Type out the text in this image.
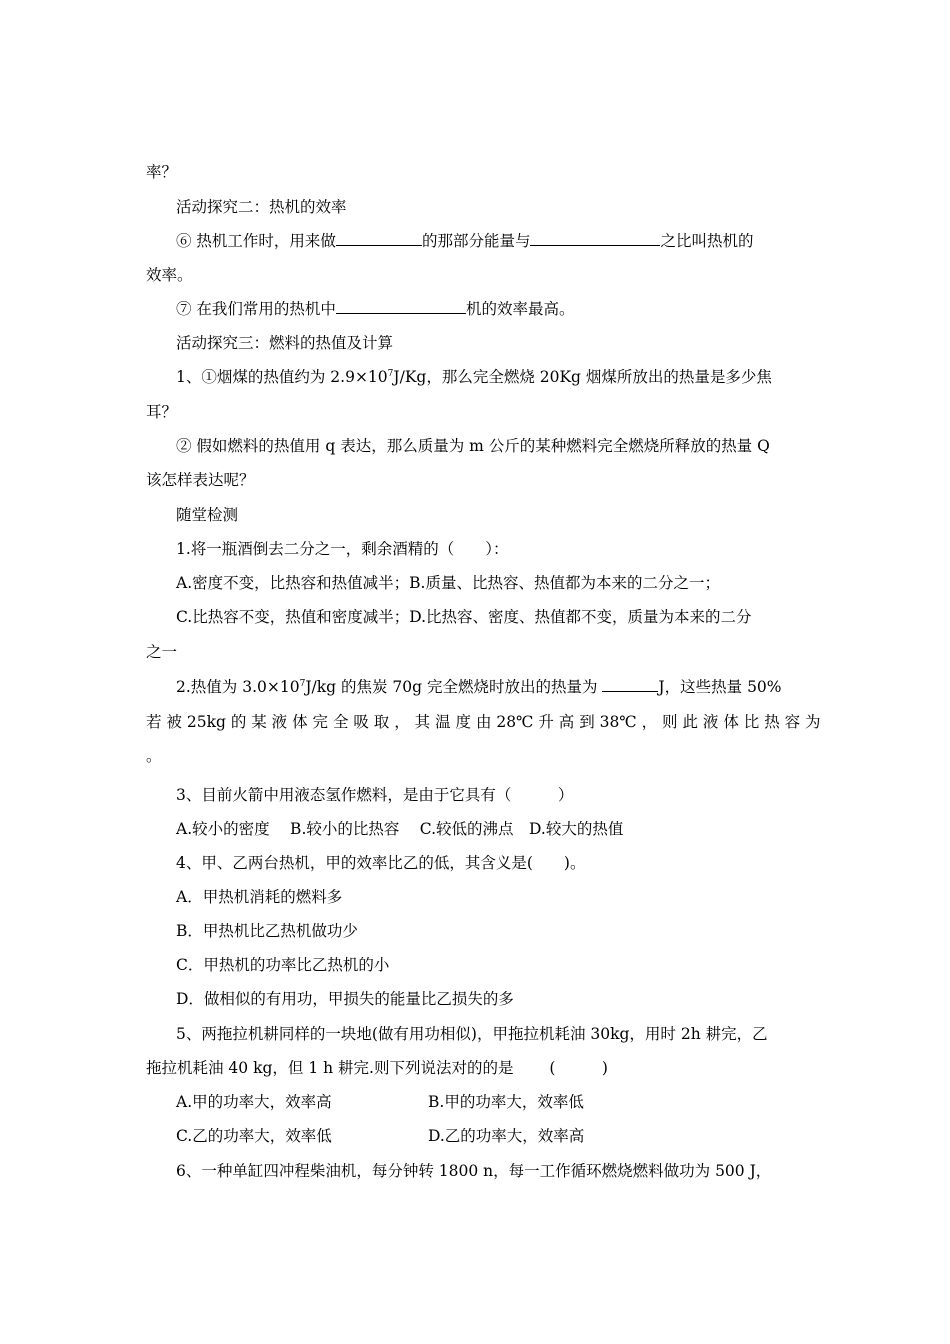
率？
活动探究二：热机的效率
⑥ 热机工作时，用来做	的那部分能量与	之比叫热机的
效率。
⑦ 在我们常用的热机中	机的效率最高。
活动探究三：燃料的热值及计算
1、①烟煤的热值约为 $2.9\times 10^7J/Kg$，那么完全燃烧 20Kg 烟煤所放出的热量是多少焦
耳？
② 假如燃料的热值用 q 表达，那么质量为 m 公斤的某种燃料完全燃烧所释放的热量 Q
该怎样表达呢？
随堂检测
1.将一瓶酒倒去二分之一，剩余酒精的（　　）：
A.密度不变，比热容和热值减半；B.质量、比热容、热值都为本来的二分之一；
C.比热容不变，热值和密度减半；D.比热容、密度、热值都不变，质量为本来的二分
之一
2.热值为 $3.0\times 10^7J/kg$ 的焦炭 70g 完全燃烧时放出的热量为	J，这些热量 50%
若 被 25kg 的 某 液 体 完 全 吸 取 ， 其 温 度 由 28℃ 升 高 到 38℃ ， 则 此 液 体 比 热 容 为
。
3、目前火箭中用液态氢作燃料，是由于它具有（　　　）
A.较小的密度　 B.较小的比热容　 C.较低的沸点　D.较大的热值
4、甲、乙两台热机，甲的效率比乙的低，其含义是(　　)。
A．甲热机消耗的燃料多
B．甲热机比乙热机做功少
C．甲热机的功率比乙热机的小
D．做相似的有用功，甲损失的能量比乙损失的多
5、两拖拉机耕同样的一块地(做有用功相似)，甲拖拉机耗油 30kg，用时 2h 耕完，乙
拖拉机耗油 40 kg，但 1 h 耕完.则下列说法对的的是　　 (　　　)
A.甲的功率大，效率高	B.甲的功率大，效率低
C.乙的功率大，效率低	D.乙的功率大，效率高
6、一种单缸四冲程柴油机，每分钟转 1800 n，每一工作循环燃烧燃料做功为 500 J，
